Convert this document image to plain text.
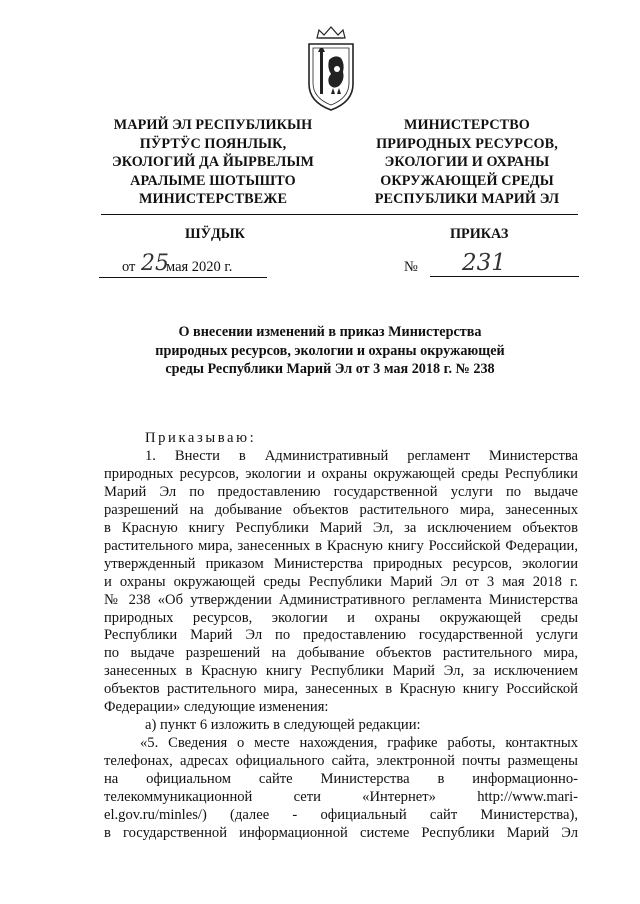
МАРИЙ ЭЛ РЕСПУБЛИКЫН
ПӰРТӰС ПОЯНЛЫК,
ЭКОЛОГИЙ ДА ЙЫРВЕЛЫМ
АРАЛЫМЕ ШОТЫШТО
МИНИСТЕРСТВЕЖЕ
МИНИСТЕРСТВО
ПРИРОДНЫХ РЕСУРСОВ,
ЭКОЛОГИИ И ОХРАНЫ
ОКРУЖАЮЩЕЙ СРЕДЫ
РЕСПУБЛИКИ МАРИЙ ЭЛ
ШӰДЫК	ПРИКАЗ
от 25
мая 2020 г.	№ 231
О внесении изменений в приказ Министерства
природных ресурсов, экологии и охраны окружающей
среды Республики Марий Эл от 3 мая 2018 г. № 238
Приказываю:
1. Внести в Административный регламент Министерства
природных ресурсов, экологии и охраны окружающей среды Республики
Марий Эл по предоставлению государственной услуги по выдаче
разрешений на добывание объектов растительного мира, занесенных
в Красную книгу Республики Марий Эл, за исключением объектов
растительного мира, занесенных в Красную книгу Российской Федерации,
утвержденный приказом Министерства природных ресурсов, экологии
и охраны окружающей среды Республики Марий Эл от 3 мая 2018 г.
№ 238 «Об утверждении Административного регламента Министерства
природных ресурсов, экологии и охраны окружающей среды
Республики Марий Эл по предоставлению государственной услуги
по выдаче разрешений на добывание объектов растительного мира,
занесенных в Красную книгу Республики Марий Эл, за исключением
объектов растительного мира, занесенных в Красную книгу Российской
Федерации» следующие изменения:
а) пункт 6 изложить в следующей редакции:
«5. Сведения о месте нахождения, графике работы, контактных
телефонах, адресах официального сайта, электронной почты размещены
на официальном сайте Министерства в информационно-
телекоммуникационной сети «Интернет» http://www.mari-
el.gov.ru/minles/) (далее - официальный сайт Министерства),
в государственной информационной системе Республики Марий Эл
